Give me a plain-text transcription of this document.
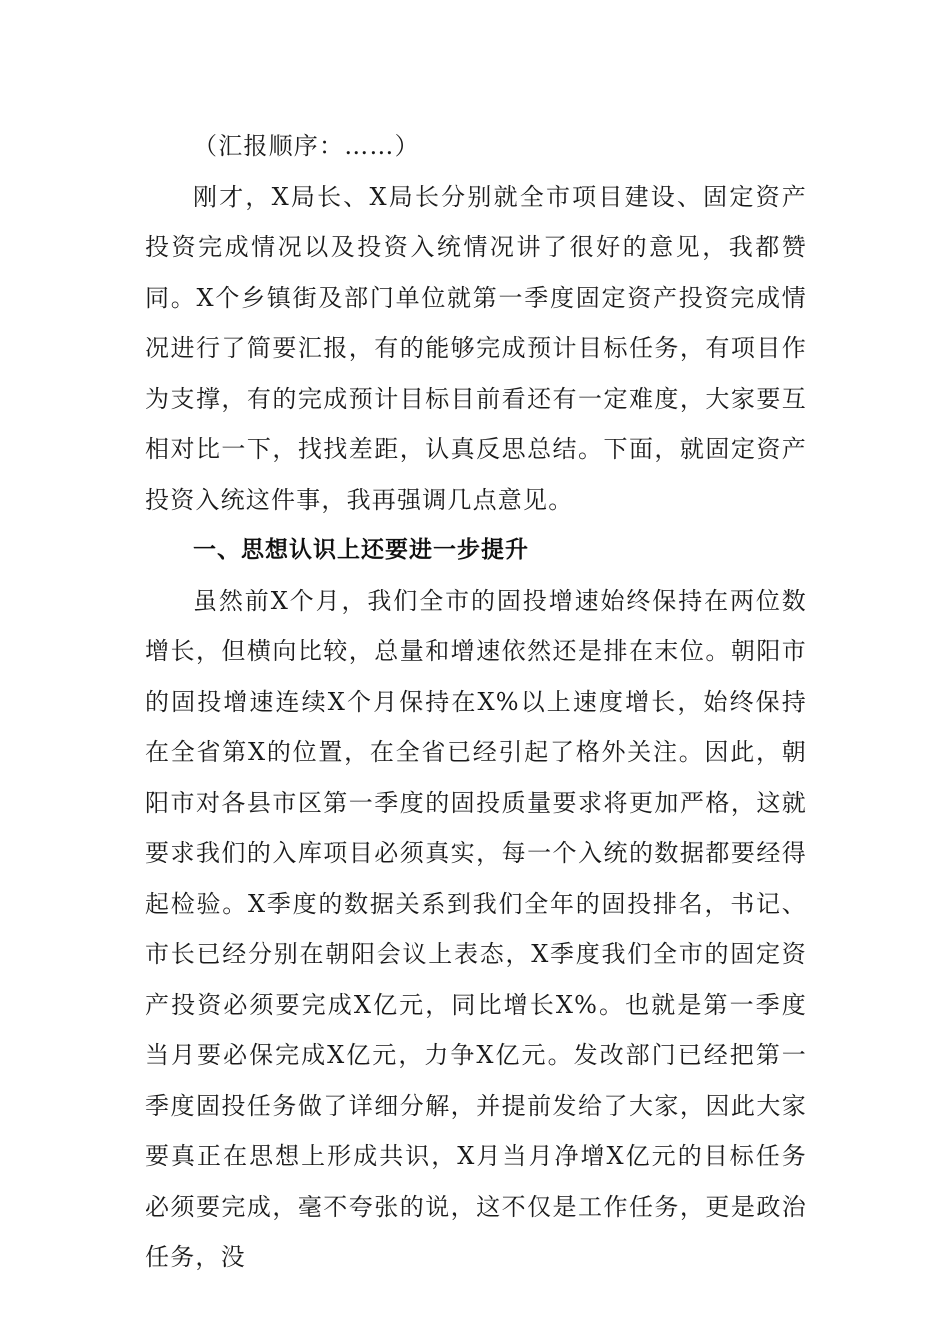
（汇报顺序：……）

刚才，X局长、X局长分别就全市项目建设、固定资产投资完成情况以及投资入统情况讲了很好的意见，我都赞同。X个乡镇街及部门单位就第一季度固定资产投资完成情况进行了简要汇报，有的能够完成预计目标任务，有项目作为支撑，有的完成预计目标目前看还有一定难度，大家要互相对比一下，找找差距，认真反思总结。下面，就固定资产投资入统这件事，我再强调几点意见。

一、思想认识上还要进一步提升

虽然前X个月，我们全市的固投增速始终保持在两位数增长，但横向比较，总量和增速依然还是排在末位。朝阳市的固投增速连续X个月保持在X%以上速度增长，始终保持在全省第X的位置，在全省已经引起了格外关注。因此，朝阳市对各县市区第一季度的固投质量要求将更加严格，这就要求我们的入库项目必须真实，每一个入统的数据都要经得起检验。X季度的数据关系到我们全年的固投排名，书记、市长已经分别在朝阳会议上表态，X季度我们全市的固定资产投资必须要完成X亿元，同比增长X%。也就是第一季度当月要必保完成X亿元，力争X亿元。发改部门已经把第一季度固投任务做了详细分解，并提前发给了大家，因此大家要真正在思想上形成共识，X月当月净增X亿元的目标任务必须要完成，毫不夸张的说，这不仅是工作任务，更是政治任务，没
